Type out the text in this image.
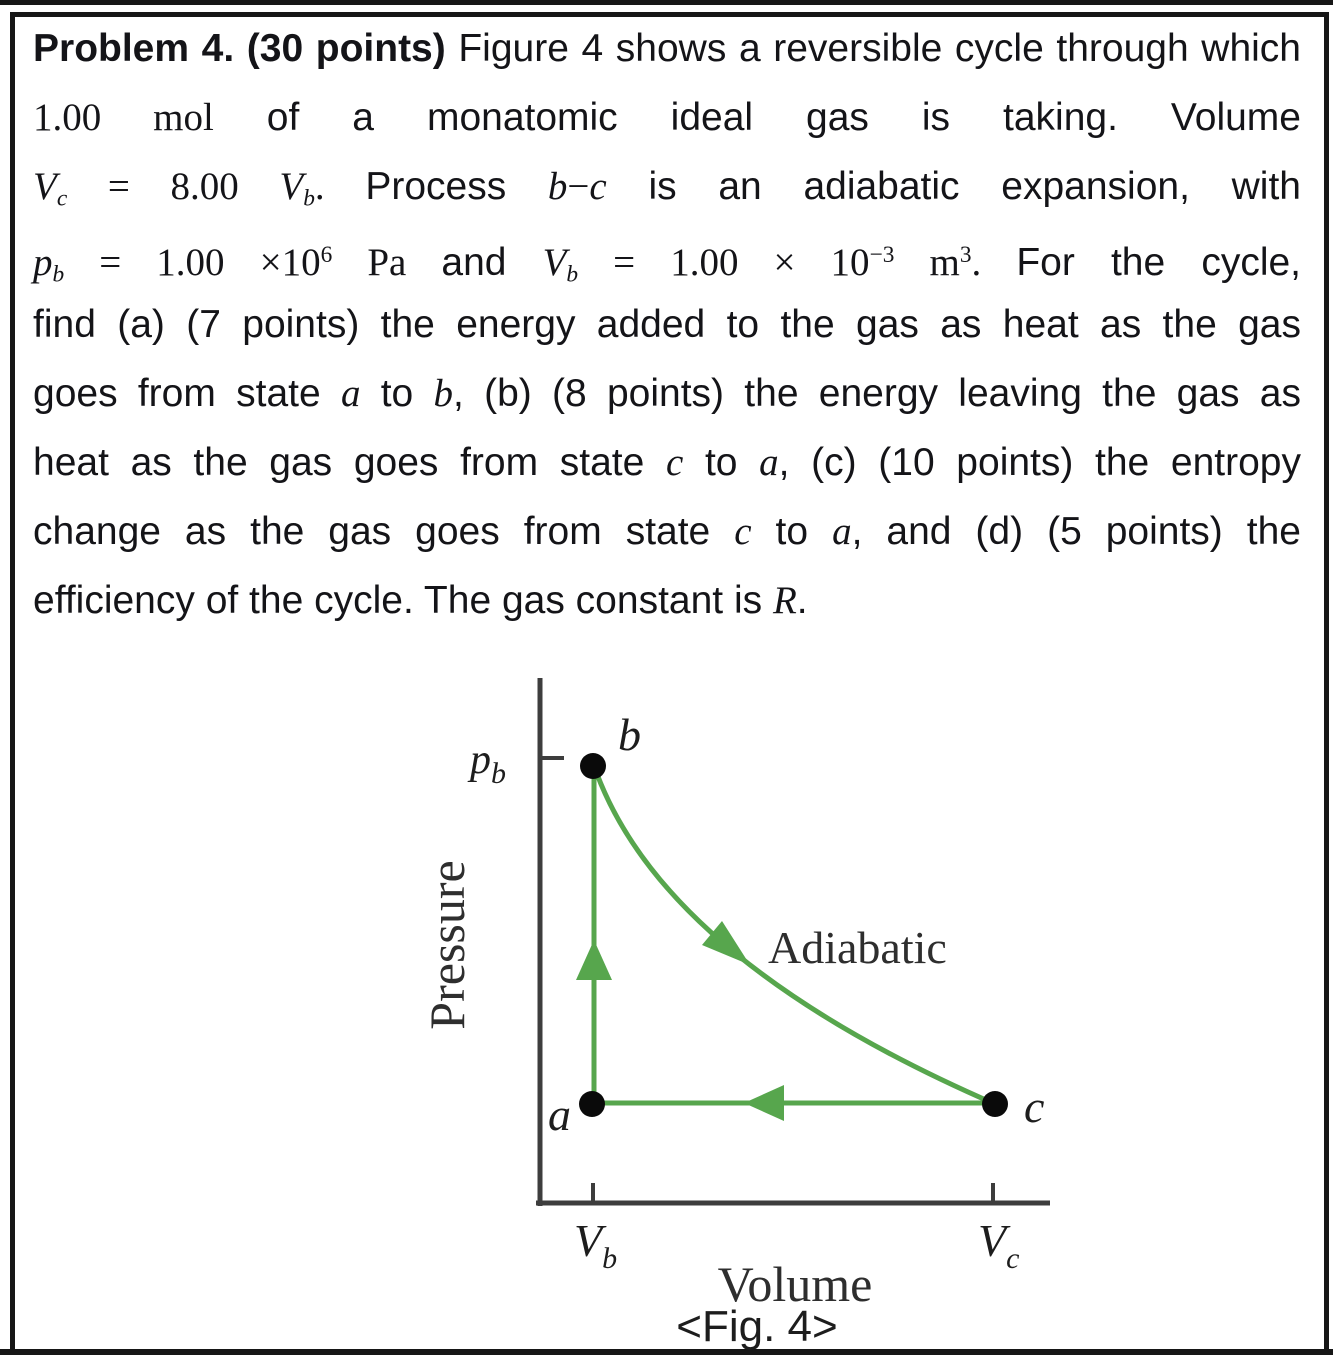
Problem 4. (30 points) Figure 4 shows a reversible cycle through which
1.00 mol of a monatomic ideal gas is taking. Volume
Vc = 8.00 Vb. Process b−c is an adiabatic expansion, with
pb = $1.00 \times 10^6$ Pa and $Vb = 1.00 \times 10^{-3}$ $m^3$. For the cycle,
find (a) (7 points) the energy added to the gas as heat as the gas
goes from state a to b, (b) (8 points) the energy leaving the gas as
heat as the gas goes from state c to a, (c) (10 points) the entropy
change as the gas goes from state c to a, and (d) (5 points) the
efficiency of the cycle. The gas constant is R.
b
a	c
$p_b$
$V_b$	$V_c$
Adiabatic
Pressure
Volume
<Fig. 4>
